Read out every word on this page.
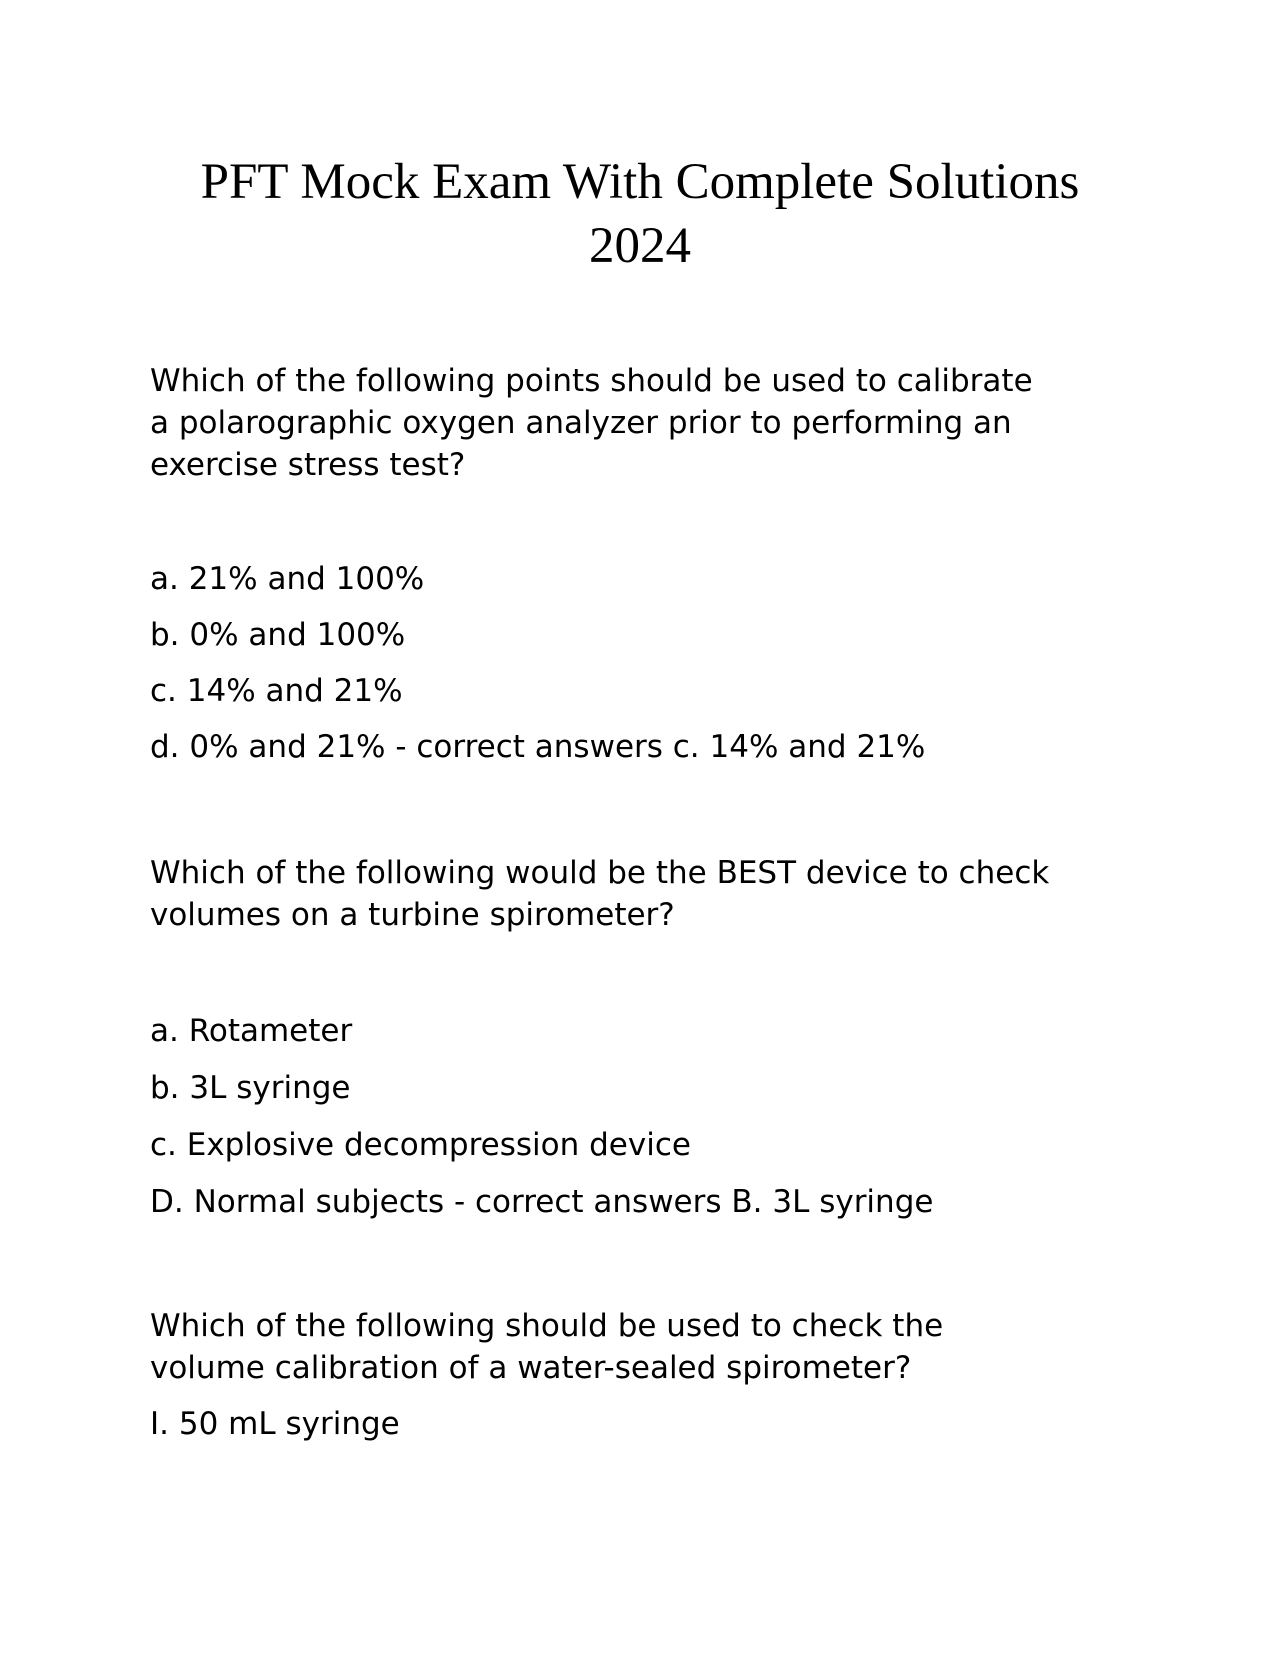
PFT Mock Exam With Complete Solutions
2024
Which of the following points should be used to calibrate
a polarographic oxygen analyzer prior to performing an
exercise stress test?
a. 21% and 100%
b. 0% and 100%
c. 14% and 21%
d. 0% and 21% - correct answers c. 14% and 21%
Which of the following would be the BEST device to check
volumes on a turbine spirometer?
a. Rotameter
b. 3L syringe
c. Explosive decompression device
D. Normal subjects - correct answers B. 3L syringe
Which of the following should be used to check the
volume calibration of a water-sealed spirometer?
I. 50 mL syringe
